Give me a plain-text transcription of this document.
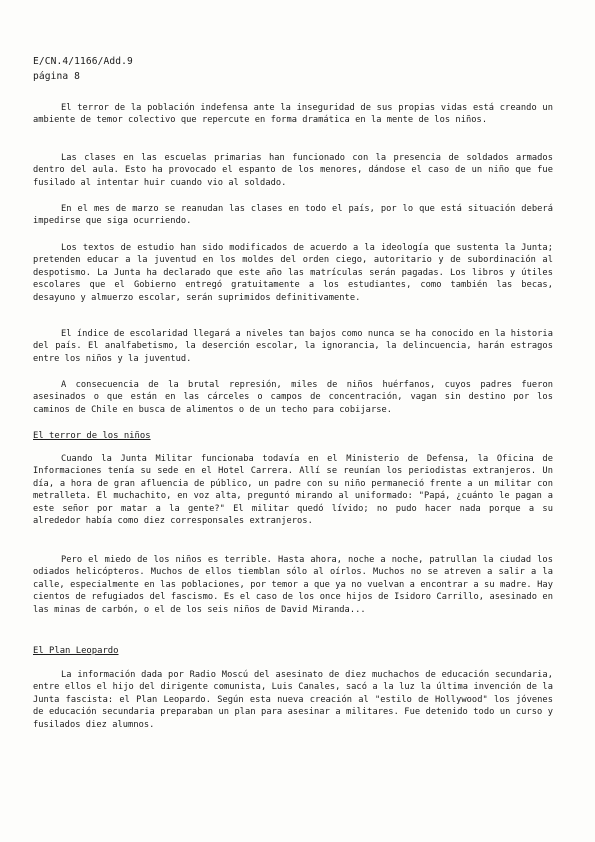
E/CN.4/1166/Add.9
página 8

El terror de la población indefensa ante la inseguridad de sus propias vidas está creando un ambiente de temor colectivo que repercute en forma dramática en la mente de los niños.

Las clases en las escuelas primarias han funcionado con la presencia de soldados armados dentro del aula. Esto ha provocado el espanto de los menores, dándose el caso de un niño que fue fusilado al intentar huir cuando vio al soldado.

En el mes de marzo se reanudan las clases en todo el país, por lo que está situación deberá impedirse que siga ocurriendo.

Los textos de estudio han sido modificados de acuerdo a la ideología que sustenta la Junta; pretenden educar a la juventud en los moldes del orden ciego, autoritario y de subordinación al despotismo. La Junta ha declarado que este año las matrículas serán pagadas. Los libros y útiles escolares que el Gobierno entregó gratuitamente a los estudiantes, como también las becas, desayuno y almuerzo escolar, serán suprimidos definitivamente.

El índice de escolaridad llegará a niveles tan bajos como nunca se ha conocido en la historia del país. El analfabetismo, la deserción escolar, la ignorancia, la delincuencia, harán estragos entre los niños y la juventud.

A consecuencia de la brutal represión, miles de niños huérfanos, cuyos padres fueron asesinados o que están en las cárceles o campos de concentración, vagan sin destino por los caminos de Chile en busca de alimentos o de un techo para cobijarse.

El terror de los niños

Cuando la Junta Militar funcionaba todavía en el Ministerio de Defensa, la Oficina de Informaciones tenía su sede en el Hotel Carrera. Allí se reunían los periodistas extranjeros. Un día, a hora de gran afluencia de público, un padre con su niño permaneció frente a un militar con metralleta. El muchachito, en voz alta, preguntó mirando al uniformado: "Papá, ¿cuánto le pagan a este señor por matar a la gente?" El militar quedó lívido; no pudo hacer nada porque a su alrededor había como diez corresponsales extranjeros.

Pero el miedo de los niños es terrible. Hasta ahora, noche a noche, patrullan la ciudad los odiados helicópteros. Muchos de ellos tiemblan sólo al oírlos. Muchos no se atreven a salir a la calle, especialmente en las poblaciones, por temor a que ya no vuelvan a encontrar a su madre. Hay cientos de refugiados del fascismo. Es el caso de los once hijos de Isidoro Carrillo, asesinado en las minas de carbón, o el de los seis niños de David Miranda...

El Plan Leopardo

La información dada por Radio Moscú del asesinato de diez muchachos de educación secundaria, entre ellos el hijo del dirigente comunista, Luis Canales, sacó a la luz la última invención de la Junta fascista: el Plan Leopardo. Según esta nueva creación al "estilo de Hollywood" los jóvenes de educación secundaria preparaban un plan para asesinar a militares. Fue detenido todo un curso y fusilados diez alumnos.
